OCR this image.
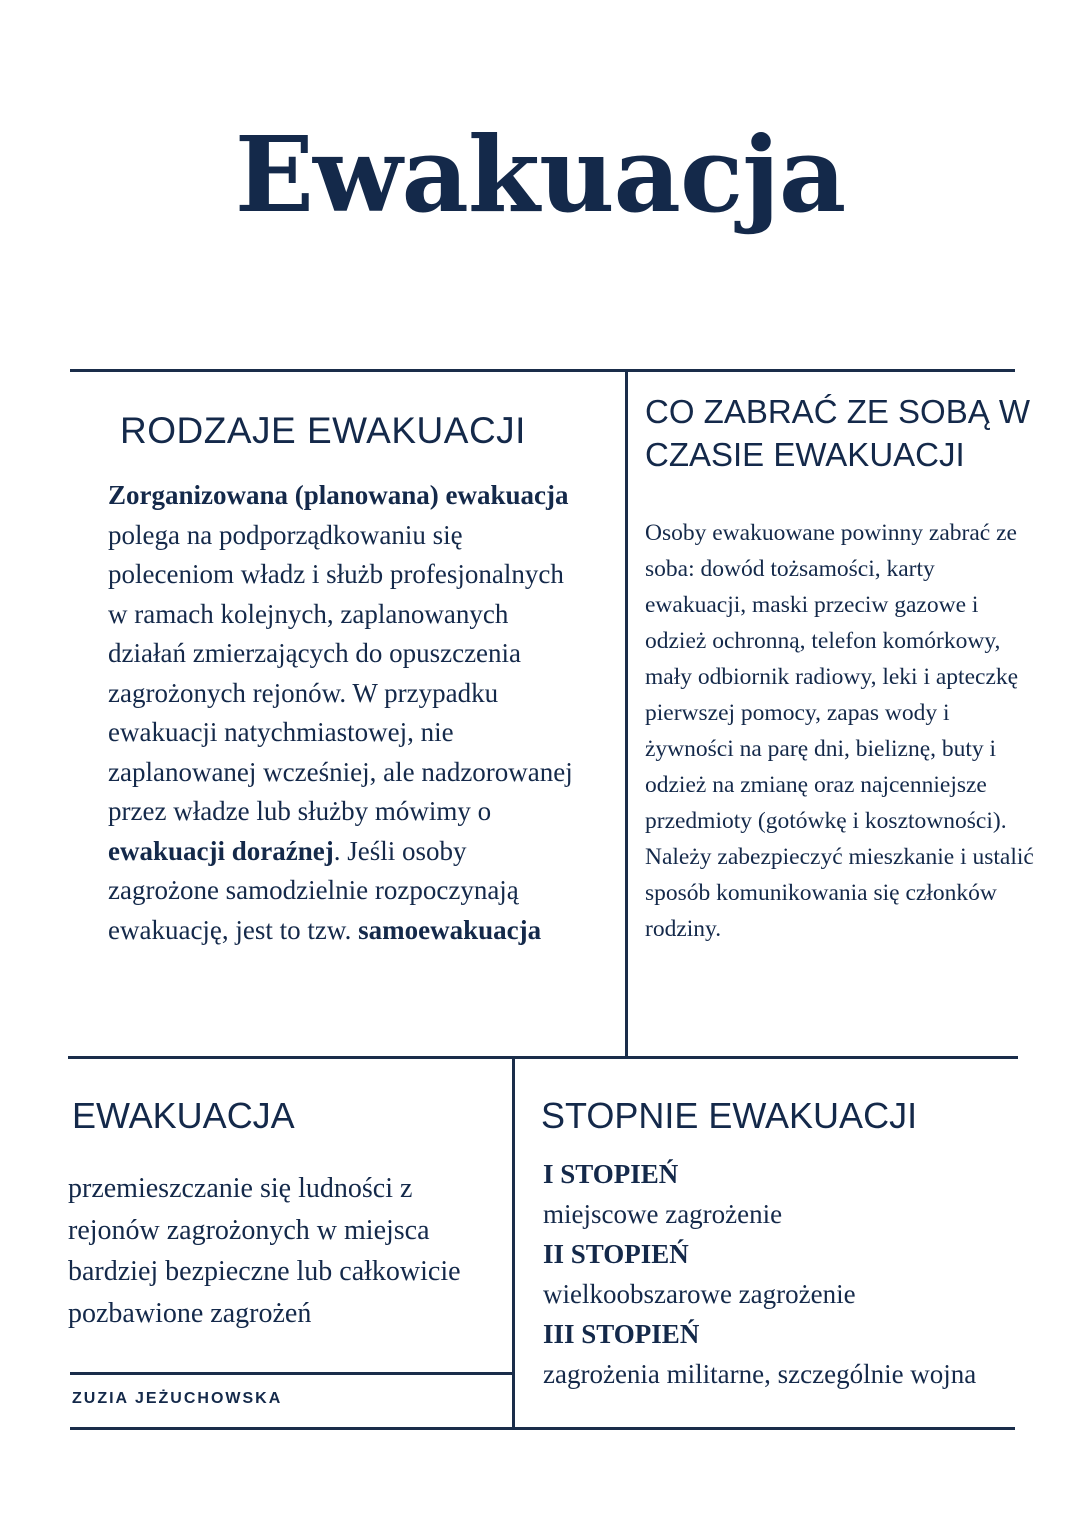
Ewakuacja
RODZAJE EWAKUACJI

Zorganizowana (planowana) ewakuacja polega na podporządkowaniu się poleceniom władz i służb profesjonalnych w ramach kolejnych, zaplanowanych działań zmierzających do opuszczenia zagrożonych rejonów. W przypadku ewakuacji natychmiastowej, nie zaplanowanej wcześniej, ale nadzorowanej przez władze lub służby mówimy o ewakuacji doraźnej. Jeśli osoby zagrożone samodzielnie rozpoczynają ewakuację, jest to tzw. samoewakuacja

CO ZABRAĆ ZE SOBĄ W CZASIE EWAKUACJI

Osoby ewakuowane powinny zabrać ze soba: dowód tożsamości, karty ewakuacji, maski przeciw gazowe i odzież ochronną, telefon komórkowy, mały odbiornik radiowy, leki i apteczkę pierwszej pomocy, zapas wody i żywności na parę dni, bieliznę, buty i odzież na zmianę oraz najcenniejsze przedmioty (gotówkę i kosztowności). Należy zabezpieczyć mieszkanie i ustalić sposób komunikowania się członków rodziny.

EWAKUACJA

przemieszczanie się ludności z rejonów zagrożonych w miejsca bardziej bezpieczne lub całkowicie pozbawione zagrożeń

STOPNIE EWAKUACJI
I STOPIEŃ
miejscowe zagrożenie
II STOPIEŃ
wielkoobszarowe zagrożenie
III STOPIEŃ
zagrożenia militarne, szczególnie wojna

ZUZIA JEŻUCHOWSKA
